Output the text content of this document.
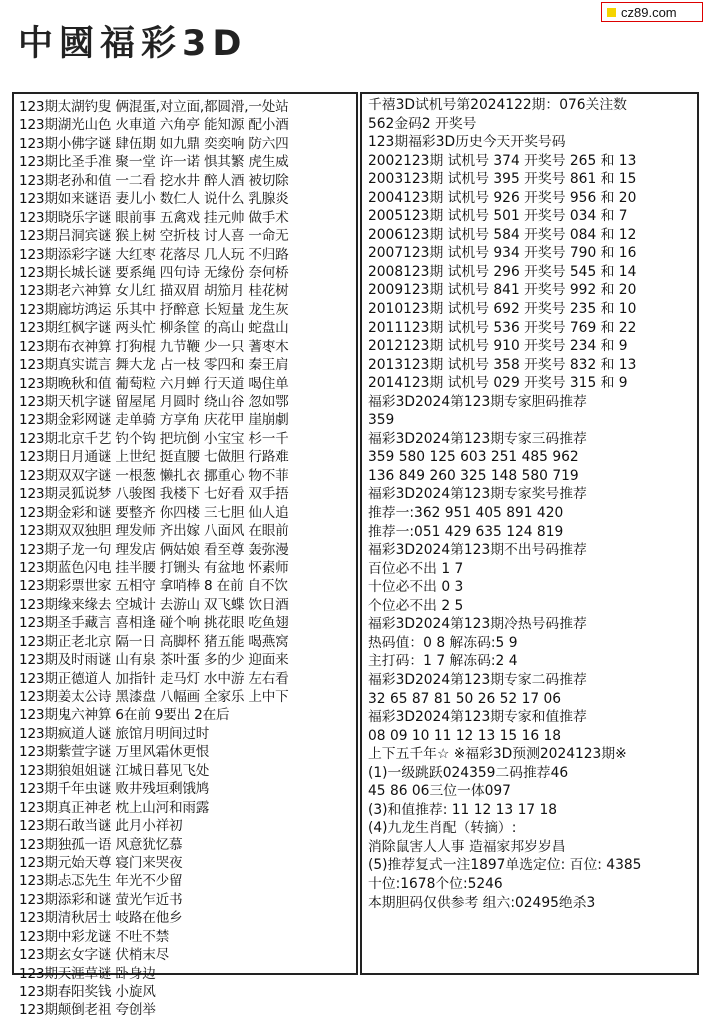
cz89.com
中國福彩3D
123期太湖钓叟 俩混蛋,对立面,都圆滑,一处站
123期湖光山色 火車道 六角亭 能知源 配小酒
123期小佛字谜 肆伍期 如九鼎 奕奕响 防六四
123期比圣手准 聚一堂 许一诺 惧其繁 虎生威
123期老孙和值 一二看 挖水井 醉人酒 被切除
123期如来谜语 妻儿小 数仁人 说什么 乳腺炎
123期晓乐字谜 眼前事 五禽戏 挂元帅 做手术
123期吕洞宾谜 猴上树 空折枝 讨人喜 一命无
123期添彩字谜 大红枣 花落尽 几人玩 不归路
123期长城长谜 要系绳 四句诗 无缘份 奈何桥
123期老六神算 女儿红 描双眉 胡笳月 桂花树
123期廊坊鸿运 乐其中 抒醉意 长短量 龙生灰
123期红枫字谜 两头忙 柳条筐 的高山 蛇盘山
123期布衣神算 打狗棍 九节鞭 少一只 蓍枣木
123期真实谎言 舞大龙 占一枝 零四和 秦王肩
123期晚秋和值 葡萄粒 六月蝉 行天道 喝住单
123期天机字谜 留屋尾 月圆时 绕山谷 忽如鄂
123期金彩网谜 走单骑 方享角 庆花甲 崖崩劇
123期北京千艺 钓个钩 把坑倒 小宝宝 杉一千
123期日月通谜 上世纪 挺直腰 七做胆 行路难
123期双双字谜 一根葱 懒扎衣 挪重心 物不菲
123期灵狐说梦 八骏图 我楼下 七好看 双手捂
123期金彩和谜 要整齐 你四楼 三七胆 仙人追
123期双双独胆 理发师 齐出嫁 八面风 在眼前
123期子龙一句 理发店 俩姑娘 看至尊 轰弥漫
123期蓝色闪电 挂半腰 打铏头 有盆地 怀素师
123期彩票世家 五相守 拿哨棒 8 在前 自不饮
123期缘来缘去 空城计 去游山 双飞蝶 饮日酒
123期圣手藏言 喜相逢 碰个响 挑花眼 吃鱼翅
123期正老北京 隔一日 高脚杯 猪五能 喝燕窝
123期及时雨谜 山有泉 茶叶蛋 多的少 迎面来
123期正德道人 加指针 走马灯 水中游 左右看
123期姜太公诗 黑漆盘 八幅画 全家乐 上中下
123期鬼六神算 6在前 9要出 2在后
123期疯道人谜 旅馆月明间过时
123期紫萱字谜 万里风霜休更恨
123期狼姐姐谜 江城日暮见飞处
123期千年虫谜 败井残垣剩饿鸠
123期真正神老 枕上山河和雨露
123期石敢当谜 此月小祥初
123期独孤一语 风意犹忆慕
123期元始天尊 寝门来哭夜
123期忐忑先生 年光不少留
123期添彩和谜 萤光乍近书
123期清秋居士 岐路在他乡
123期中彩龙谜 不吐不禁
123期玄女字谜 伏梢末尽
123期天涯草谜 卧身边
123期春阳奖钱 小旋风
123期颠倒老祖 夸创举
千禧3D试机号第2024122期：076关注数
562金码2 开奖号
123期福彩3D历史今天开奖号码
2002123期 试机号 374 开奖号 265 和 13
2003123期 试机号 395 开奖号 861 和 15
2004123期 试机号 926 开奖号 956 和 20
2005123期 试机号 501 开奖号 034 和 7
2006123期 试机号 584 开奖号 084 和 12
2007123期 试机号 934 开奖号 790 和 16
2008123期 试机号 296 开奖号 545 和 14
2009123期 试机号 841 开奖号 992 和 20
2010123期 试机号 692 开奖号 235 和 10
2011123期 试机号 536 开奖号 769 和 22
2012123期 试机号 910 开奖号 234 和 9
2013123期 试机号 358 开奖号 832 和 13
2014123期 试机号 029 开奖号 315 和 9
福彩3D2024第123期专家胆码推荐
359
福彩3D2024第123期专家三码推荐
359 580 125 603 251 485 962
136 849 260 325 148 580 719
福彩3D2024第123期专家奖号推荐
推荐一:362 951 405 891 420
推荐一:051 429 635 124 819
福彩3D2024第123期不出号码推荐
百位必不出 1 7
十位必不出 0 3
个位必不出 2 5
福彩3D2024第123期冷热号码推荐
热码值：0 8 解冻码:5 9
主打码：1 7 解冻码:2 4
福彩3D2024第123期专家二码推荐
32 65 87 81 50 26 52 17 06
福彩3D2024第123期专家和值推荐
08 09 10 11 12 13 15 16 18
上下五千年☆ ※福彩3D预测2024123期※
(1)一级跳跃024359二码推荐46
45 86 06三位一体097
(3)和值推荐: 11 12 13 17 18
(4)九龙生肖配（转摘）:
消除鼠害人人事 造福家邦岁岁昌
(5)推荐复式一注1897单选定位: 百位: 4385
十位:1678个位:5246
本期胆码仅供参考 组六:02495绝杀3
